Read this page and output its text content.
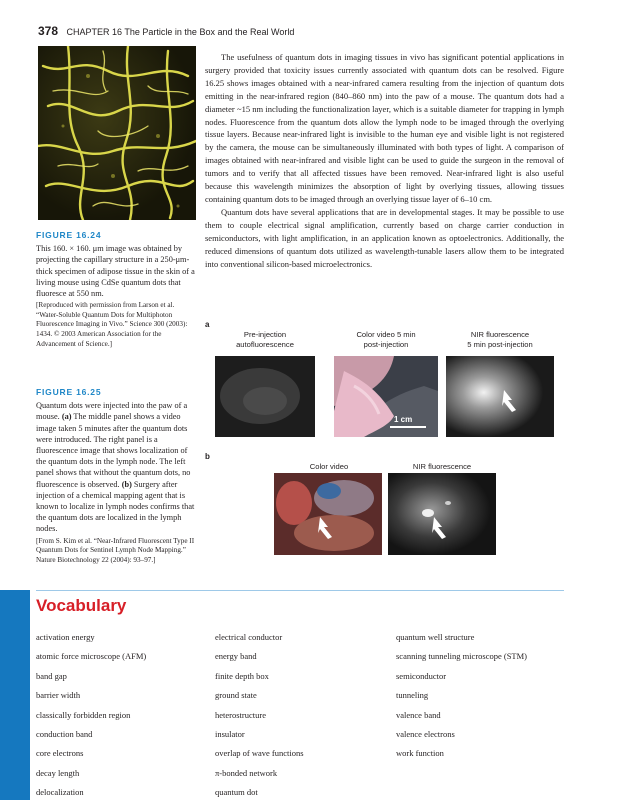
378 CHAPTER 16 The Particle in the Box and the Real World
FIGURE 16.24
This 160. × 160. μm image was obtained by projecting the capillary structure in a 250-μm-thick specimen of adipose tissue in the skin of a living mouse using CdSe quantum dots that fluoresce at 550 nm.
[Reproduced with permission from Larson et al. “Water-Soluble Quantum Dots for Multiphoton Fluorescence Imaging in Vivo.” Science 300 (2003): 1434. © 2003 American Association for the Advancement of Science.]
FIGURE 16.25
Quantum dots were injected into the paw of a mouse. (a) The middle panel shows a video image taken 5 minutes after the quantum dots were introduced. The right panel is a fluorescence image that shows localization of the quantum dots in the lymph node. The left panel shows that without the quantum dots, no fluorescence is observed. (b) Surgery after injection of a chemical mapping agent that is known to localize in lymph nodes confirms that the quantum dots are localized in the lymph nodes.
[From S. Kim et al. “Near-Infrared Fluorescent Type II Quantum Dots for Sentinel Lymph Node Mapping.” Nature Biotechnology 22 (2004): 93–97.]

The usefulness of quantum dots in imaging tissues in vivo has significant potential applications in surgery provided that toxicity issues currently associated with quantum dots can be resolved. Figure 16.25 shows images obtained with a near-infrared camera resulting from the injection of quantum dots emitting in the near-infrared region (840–860 nm) into the paw of a mouse. The quantum dots had a diameter ~15 nm including the functionalization layer, which is a suitable diameter for trapping in lymph nodes. Fluorescence from the quantum dots allow the lymph node to be imaged through the overlying tissue layers. Because near-infrared light is invisible to the human eye and visible light is not registered by the camera, the mouse can be simultaneously illuminated with both types of light. A comparison of images obtained with near-infrared and visible light can be used to guide the surgeon in the removal of tumors and to verify that all affected tissues have been removed. Near-infrared light is also useful because this wavelength minimizes the absorption of light by overlying tissues, allowing tissues containing quantum dots to be imaged through an overlying tissue layer of 6–10 cm.

Quantum dots have several applications that are in developmental stages. It may be possible to use them to couple electrical signal amplification, currently based on charge carrier conduction in semiconductors, with light amplification, in an application known as optoelectronics. Additionally, the reduced dimensions of quantum dots utilized as wavelength-tunable lasers allow them to be integrated into conventional silicon-based microelectronics.

a
Pre-injection
autofluorescence
Color video 5 min
post-injection
NIR fluorescence
5 min post-injection
1 cm
b
Color video	NIR fluorescence
Vocabulary
activation energy
atomic force microscope (AFM)
band gap
barrier width
classically forbidden region
conduction band
core electrons
decay length
delocalization
electrical conductor
energy band
finite depth box
ground state
heterostructure
insulator
overlap of wave functions
π-bonded network
quantum dot
quantum well structure
scanning tunneling microscope (STM)
semiconductor
tunneling
valence band
valence electrons
work function
